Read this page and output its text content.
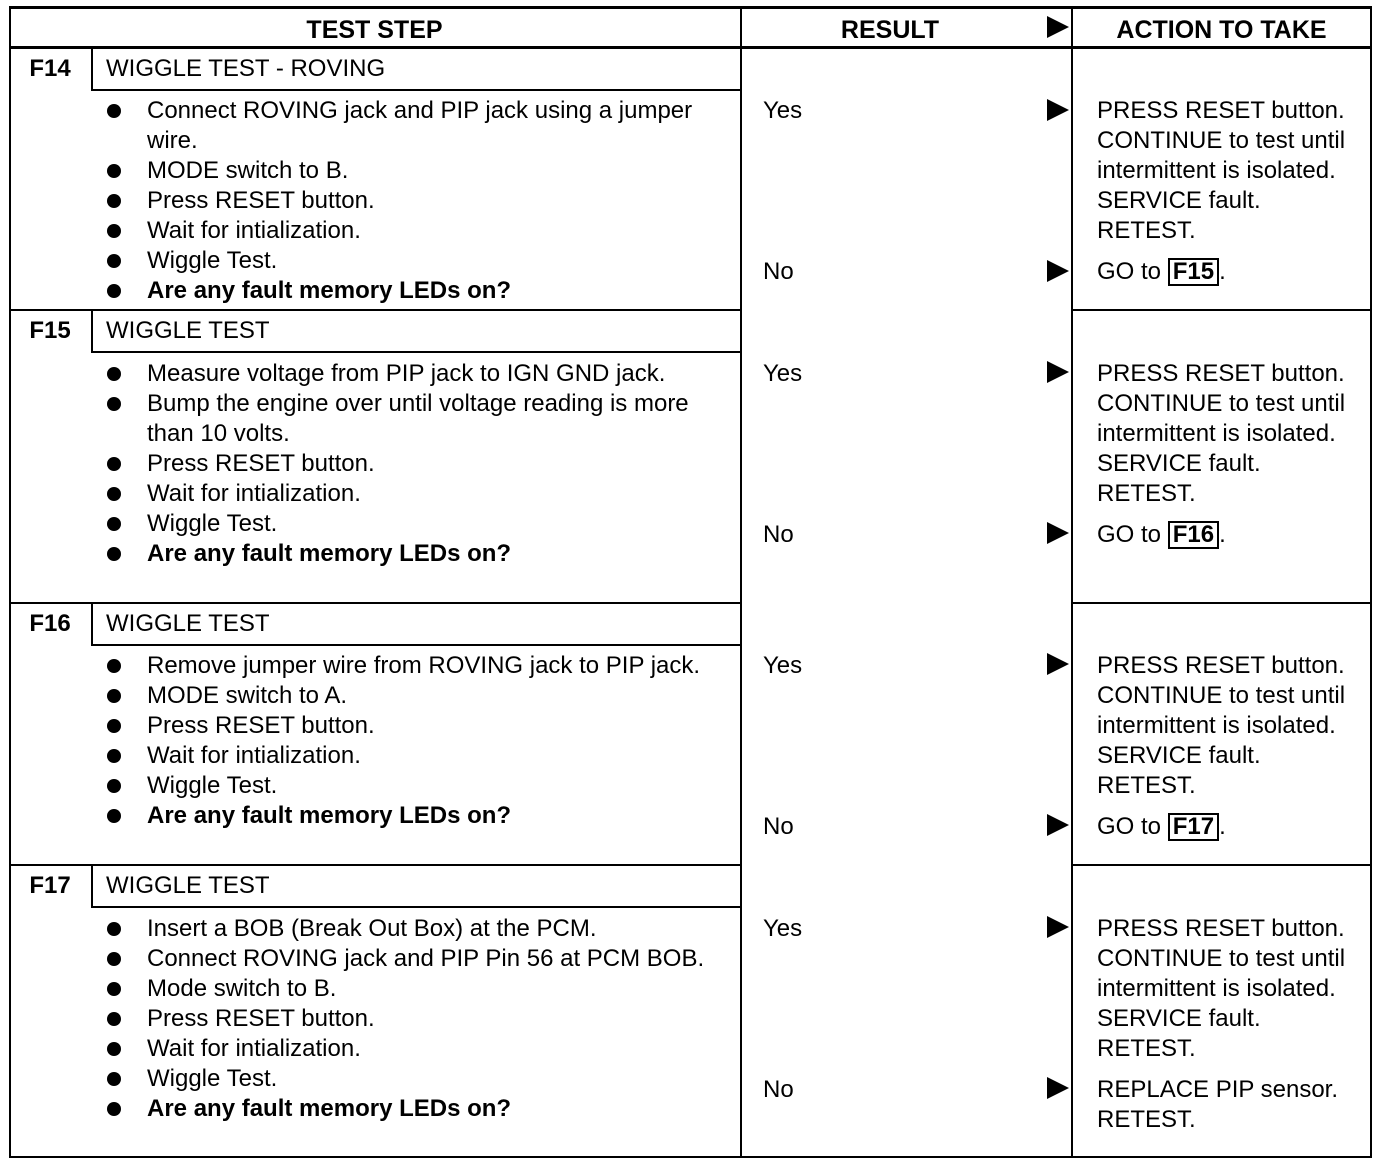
TEST STEP	RESULT	ACTION TO TAKE
F14	WIGGLE TEST - ROVING
Connect ROVING jack and PIP jack using a jumper wire.
MODE switch to B.
Press RESET button.
Wait for intialization.
Wiggle Test.
Are any fault memory LEDs on?
Yes	PRESS RESET button.
CONTINUE to test until
intermittent is isolated.
SERVICE fault.
RETEST.
No	GO to F15 .
F15	WIGGLE TEST
Measure voltage from PIP jack to IGN GND jack.
Bump the engine over until voltage reading is more than 10 volts.
Press RESET button.
Wait for intialization.
Wiggle Test.
Are any fault memory LEDs on?
Yes	PRESS RESET button.
CONTINUE to test until
intermittent is isolated.
SERVICE fault.
RETEST.
No	GO to F16 .
F16	WIGGLE TEST
Remove jumper wire from ROVING jack to PIP jack.
MODE switch to A.
Press RESET button.
Wait for intialization.
Wiggle Test.
Are any fault memory LEDs on?
Yes	PRESS RESET button.
CONTINUE to test until
intermittent is isolated.
SERVICE fault.
RETEST.
No	GO to F17 .
F17	WIGGLE TEST
Insert a BOB (Break Out Box) at the PCM.
Connect ROVING jack and PIP Pin 56 at PCM BOB.
Mode switch to B.
Press RESET button.
Wait for intialization.
Wiggle Test.
Are any fault memory LEDs on?
Yes	PRESS RESET button.
CONTINUE to test until
intermittent is isolated.
SERVICE fault.
RETEST.
No	REPLACE PIP sensor.
RETEST.
